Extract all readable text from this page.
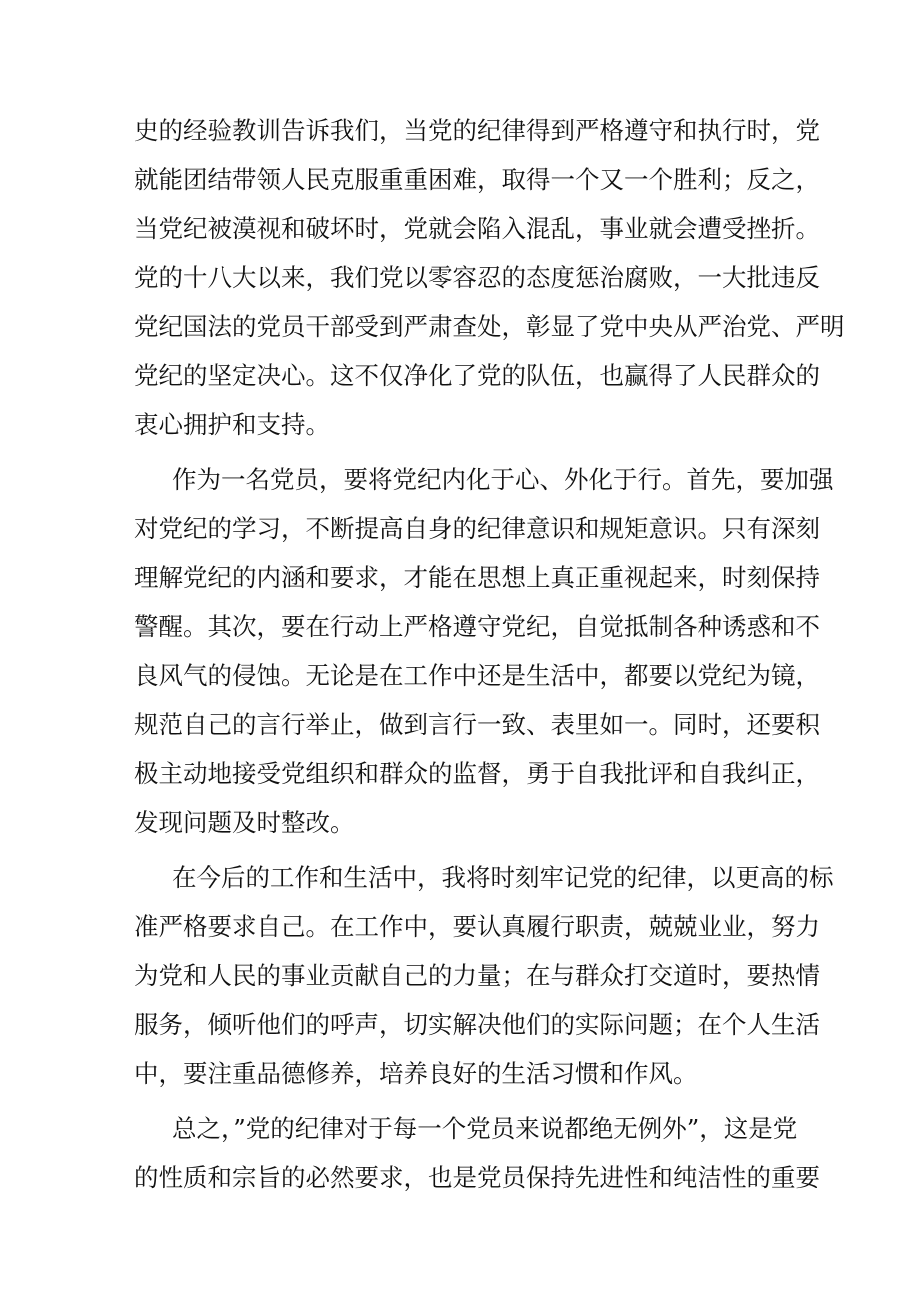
史的经验教训告诉我们，当党的纪律得到严格遵守和执行时，党
就能团结带领人民克服重重困难，取得一个又一个胜利；反之，
当党纪被漠视和破坏时，党就会陷入混乱，事业就会遭受挫折。
党的十八大以来，我们党以零容忍的态度惩治腐败，一大批违反
党纪国法的党员干部受到严肃查处，彰显了党中央从严治党、严明
党纪的坚定决心。这不仅净化了党的队伍，也赢得了人民群众的
衷心拥护和支持。
作为一名党员，要将党纪内化于心、外化于行。首先，要加强
对党纪的学习，不断提高自身的纪律意识和规矩意识。只有深刻
理解党纪的内涵和要求，才能在思想上真正重视起来，时刻保持
警醒。其次，要在行动上严格遵守党纪，自觉抵制各种诱惑和不
良风气的侵蚀。无论是在工作中还是生活中，都要以党纪为镜，
规范自己的言行举止，做到言行一致、表里如一。同时，还要积
极主动地接受党组织和群众的监督，勇于自我批评和自我纠正，
发现问题及时整改。
在今后的工作和生活中，我将时刻牢记党的纪律，以更高的标
准严格要求自己。在工作中，要认真履行职责，兢兢业业，努力
为党和人民的事业贡献自己的力量；在与群众打交道时，要热情
服务，倾听他们的呼声，切实解决他们的实际问题；在个人生活
中，要注重品德修养，培养良好的生活习惯和作风。
总之，”党的纪律对于每一个党员来说都绝无例外”，这是党
的性质和宗旨的必然要求，也是党员保持先进性和纯洁性的重要
